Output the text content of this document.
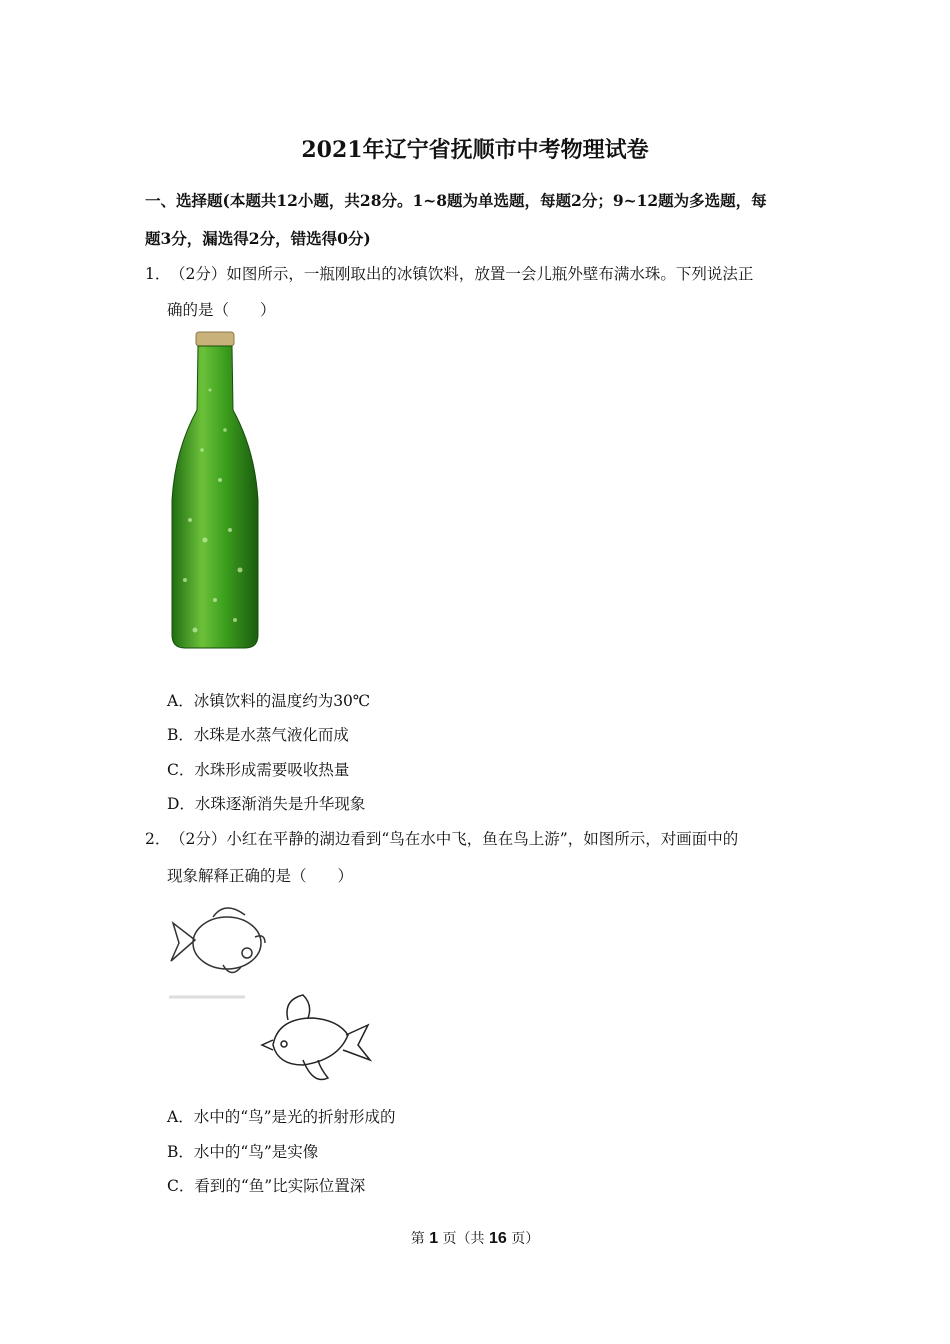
2021年辽宁省抚顺市中考物理试卷
一、选择题(本题共12小题，共28分。1~8题为单选题，每题2分；9~12题为多选题，每
题3分，漏选得2分，错选得0分)
1． （2分）如图所示，一瓶刚取出的冰镇饮料，放置一会儿瓶外壁布满水珠。下列说法正
确的是（　　）
A．冰镇饮料的温度约为30℃
B．水珠是水蒸气液化而成
C．水珠形成需要吸收热量
D．水珠逐渐消失是升华现象
2． （2分）小红在平静的湖边看到“鸟在水中飞，鱼在鸟上游”，如图所示，对画面中的
现象解释正确的是（　　）
A．水中的“鸟”是光的折射形成的
B．水中的“鸟”是实像
C．看到的“鱼”比实际位置深
第 1 页（共 16 页）
